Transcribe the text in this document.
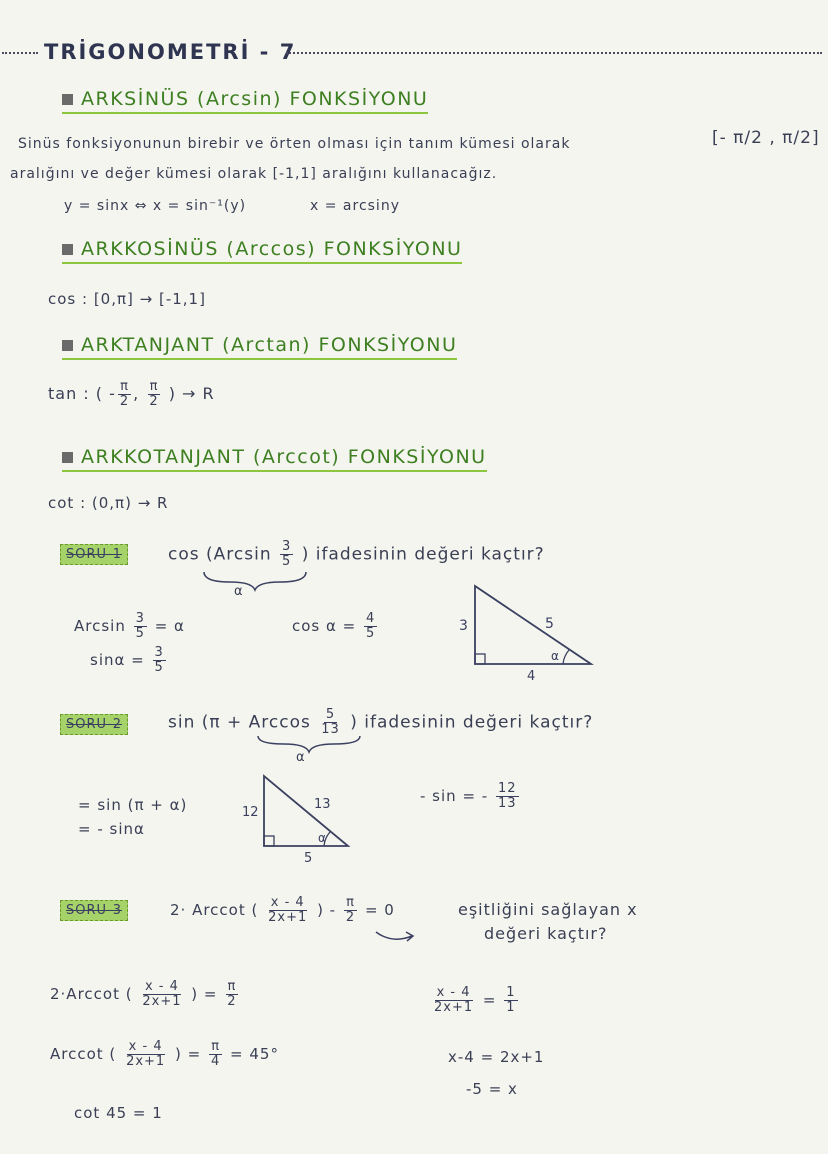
TRİGONOMETRİ - 7
ARKSİNÜS (Arcsin) FONKSİYONU
Sinüs fonksiyonunun birebir ve örten olması için tanım kümesi olarak	[- π/2 , π/2]
aralığını ve değer kümesi olarak [-1,1] aralığını kullanacağız.
y = sinx ⇔ x = sin⁻¹(y)	x = arcsiny
ARKKOSİNÜS (Arccos) FONKSİYONU
cos : [0,π] → [-1,1]
ARKTANJANT (Arctan) FONKSİYONU
tan : ( - $\frac{\pi}{2}$ , $\frac{\pi}{2}$ ) → R
ARKKOTANJANT (Arccot) FONKSİYONU
cot : (0,π) → R
SORU-1	$\cos (Arcsin \frac{3}{5}$ ) ifadesinin değeri kaçtır?
α
Arcsin $\frac{3}{5} = \alpha$
$\sin\alpha = \frac{3}{5}$
$\cos \alpha = \frac{4}{5}$	3	5
α
4
SORU-2	sin (π + Arccos $\frac{5}{13}$ ) ifadesinin değeri kaçtır?
α
= sin (π + α)
= - sinα
12
13
α
5
- sin = - $\frac{12}{13}$
SORU-3	2· Arccot ( $\frac{x - 4}{2x+1}$ ) - $\frac{\pi}{2} = 0$	eşitliğini sağlayan x
değeri kaçtır?
2·Arccot ( $\frac{x - 4}{2x+1}$ ) = $\frac{\pi}{2}$
Arccot ( $\frac{x - 4}{2x+1}$ ) = $\frac{\pi}{4} = 45^\circ$
cot 45 = 1
$\frac{x - 4}{2x+1} = \frac{1}{1}$
x-4 = 2x+1
-5 = x
